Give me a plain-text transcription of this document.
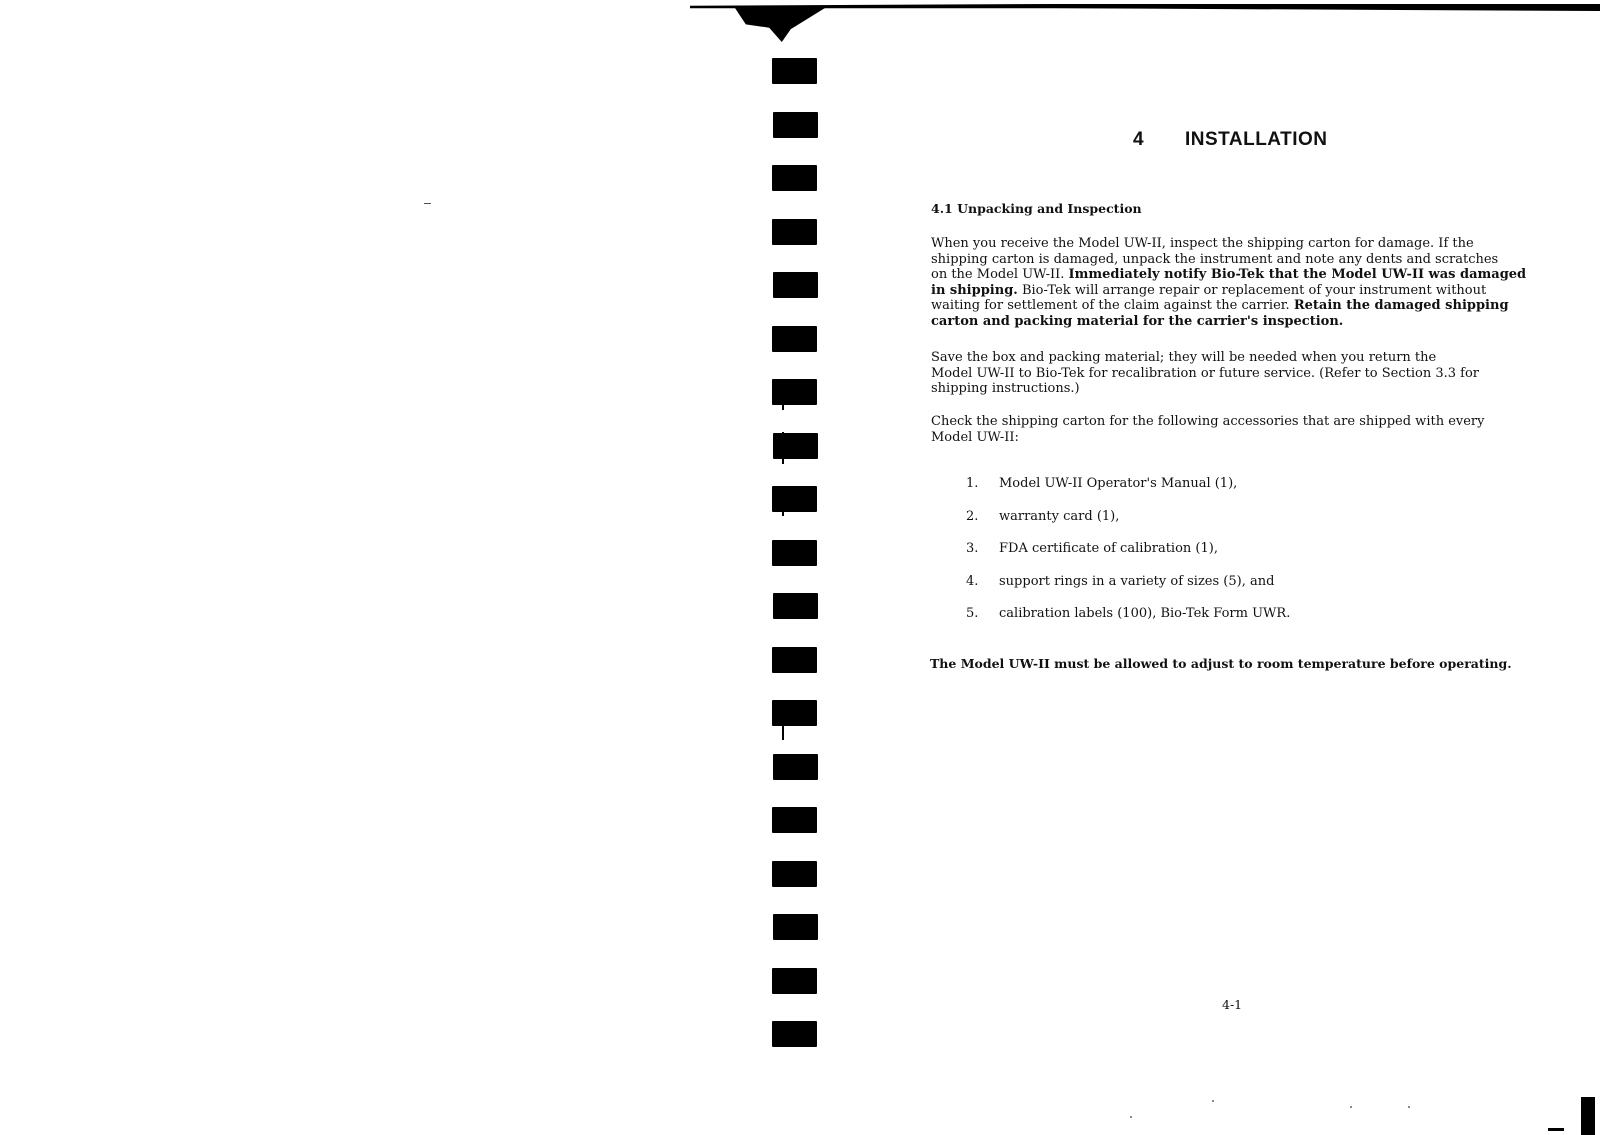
4 INSTALLATION
4.1 Unpacking and Inspection

When you receive the Model UW-II, inspect the shipping carton for damage. If the
shipping carton is damaged, unpack the instrument and note any dents and scratches
on the Model UW-II. Immediately notify Bio-Tek that the Model UW-II was damaged
in shipping. Bio-Tek will arrange repair or replacement of your instrument without
waiting for settlement of the claim against the carrier. Retain the damaged shipping
carton and packing material for the carrier's inspection.

Save the box and packing material; they will be needed when you return the
Model UW-II to Bio-Tek for recalibration or future service. (Refer to Section 3.3 for
shipping instructions.)

Check the shipping carton for the following accessories that are shipped with every
Model UW-II:

1. Model UW-II Operator's Manual (1),
2. warranty card (1),
3. FDA certificate of calibration (1),
4. support rings in a variety of sizes (5), and
5. calibration labels (100), Bio-Tek Form UWR.

The Model UW-II must be allowed to adjust to room temperature before operating.

4-1
